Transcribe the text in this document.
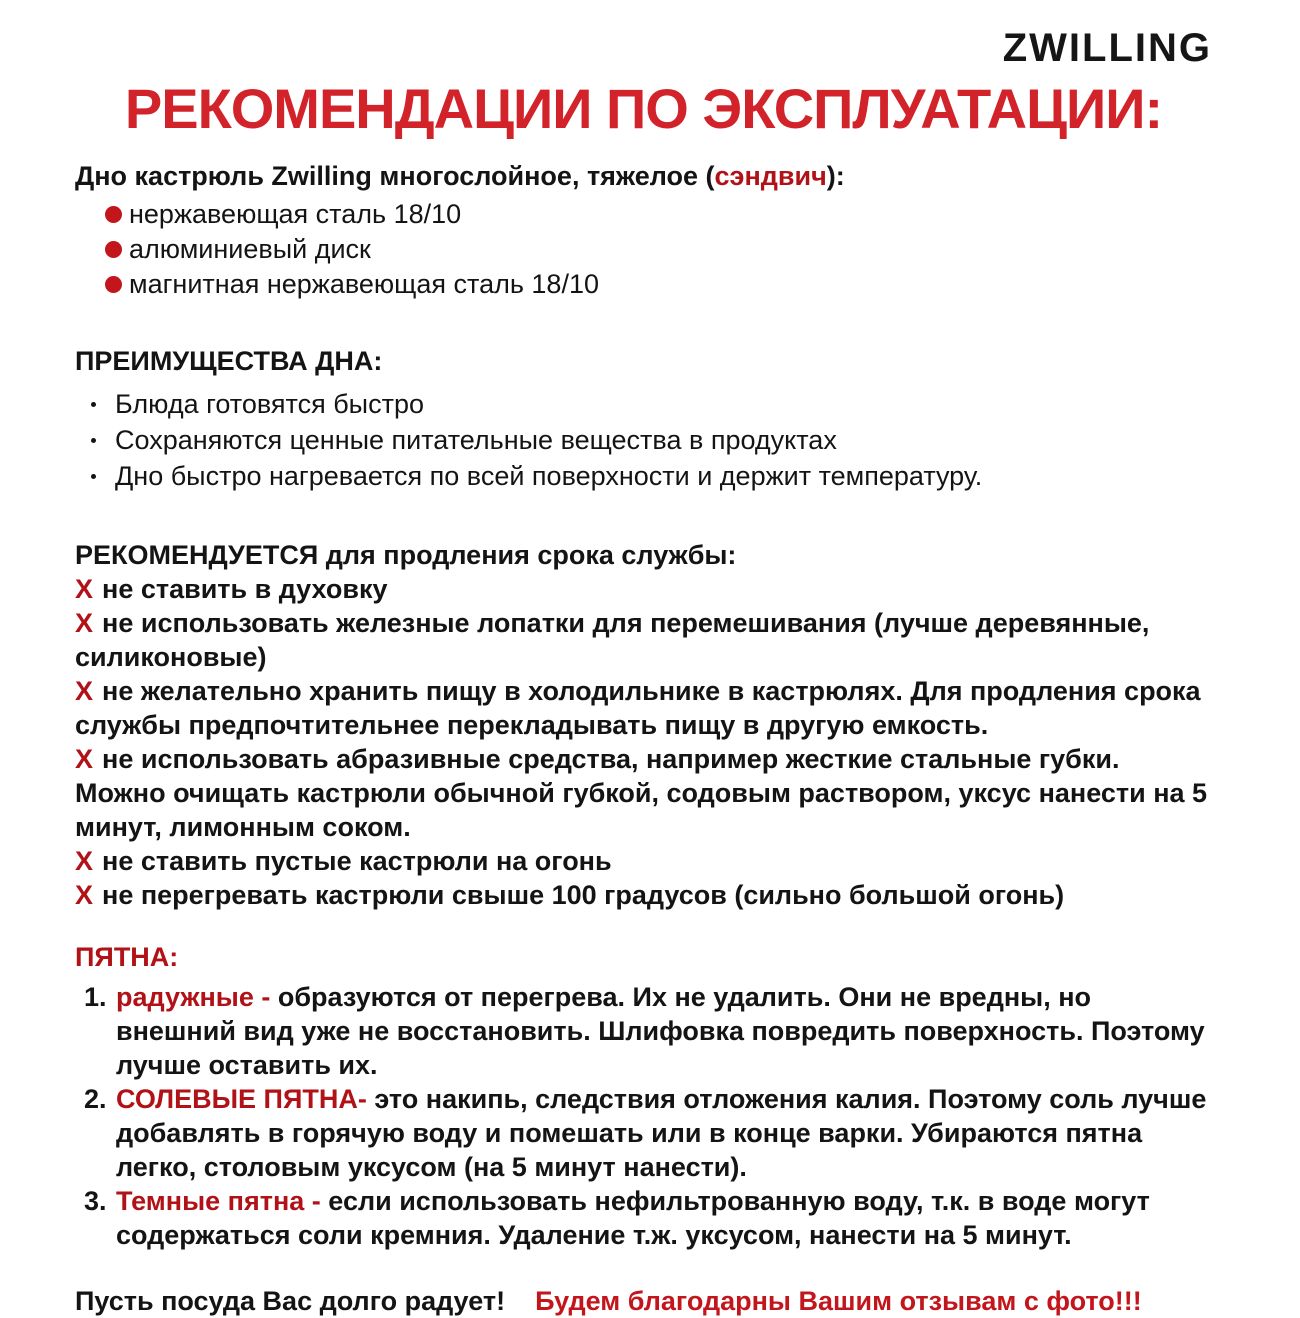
ZWILLING
РЕКОМЕНДАЦИИ ПО ЭКСПЛУАТАЦИИ:

Дно кастрюль Zwilling многослойное, тяжелое (сэндвич):

нержавеющая сталь 18/10
алюминиевый диск
магнитная нержавеющая сталь 18/10
ПРЕИМУЩЕСТВА ДНА:
Блюда готовятся быстро
Сохраняются ценные питательные вещества в продуктах
Дно быстро нагревается по всей поверхности и держит температуру.
РЕКОМЕНДУЕТСЯ для продления срока службы:

Х не ставить в духовку

Х не использовать железные лопатки для перемешивания (лучше деревянные, силиконовые)

Х не желательно хранить пищу в холодильнике в кастрюлях. Для продления срока службы предпочтительнее перекладывать пищу в другую емкость.

Х не использовать абразивные средства, например жесткие стальные губки. Можно очищать кастрюли обычной губкой, содовым раствором, уксус нанести на 5 минут, лимонным соком.

Х не ставить пустые кастрюли на огонь

Х не перегревать кастрюли свыше 100 градусов (сильно большой огонь)

ПЯТНА:
1. радужные - образуются от перегрева. Их не удалить. Они не вредны, но внешний вид уже не восстановить. Шлифовка повредить поверхность. Поэтому лучше оставить их.
2. СОЛЕВЫЕ ПЯТНА- это накипь, следствия отложения калия. Поэтому соль лучше добавлять в горячую воду и помешать или в конце варки. Убираются пятна легко, столовым уксусом (на 5 минут нанести).
3. Темные пятна - если использовать нефильтрованную воду, т.к. в воде могут содержаться соли кремния. Удаление т.ж. уксусом, нанести на 5 минут.

Пусть посуда Вас долго радует! Будем благодарны Вашим отзывам с фото!!!
